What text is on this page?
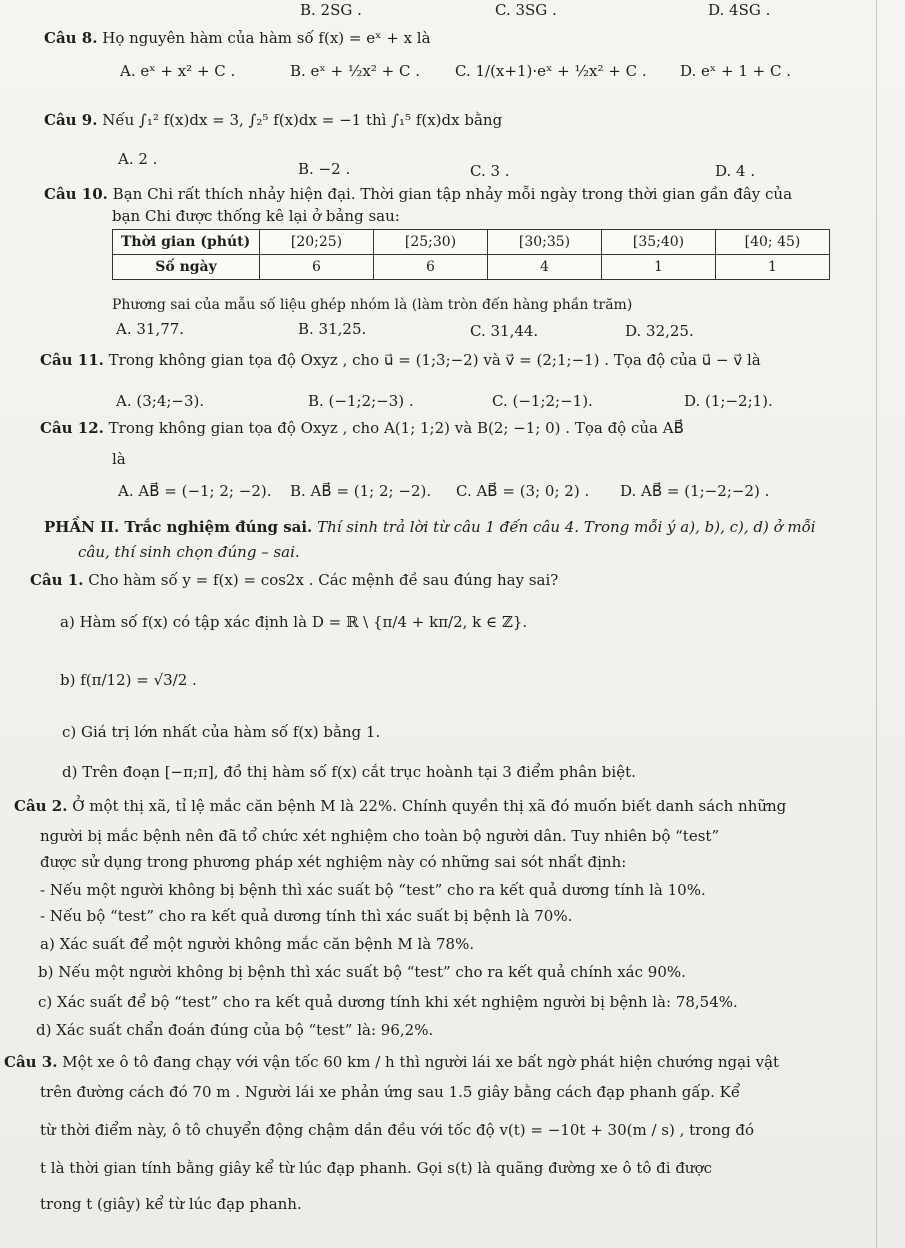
B. 2SG .	C. 3SG .	D. 4SG .
Câu 8. Họ nguyên hàm của hàm số f(x) = eˣ + x là
A. eˣ + x² + C .	B. eˣ + ½x² + C . C. 1/(x+1)·eˣ + ½x² + C . D. eˣ + 1 + C .
Câu 9. Nếu ∫₁² f(x)dx = 3, ∫₂⁵ f(x)dx = −1 thì ∫₁⁵ f(x)dx bằng
A. 2 .
B. −2 .	C. 3 .	D. 4 .
Câu 10. Bạn Chi rất thích nhảy hiện đại. Thời gian tập nhảy mỗi ngày trong thời gian gần đây của
bạn Chi được thống kê lại ở bảng sau:
Thời gian (phút)	[20;25)	[25;30)	[30;35)	[35;40)	[40; 45)
Số ngày	6	6	4	1	1
Phương sai của mẫu số liệu ghép nhóm là (làm tròn đến hàng phần trăm)
A. 31,77.	B. 31,25.	C. 31,44.	D. 32,25.
Câu 11. Trong không gian tọa độ Oxyz , cho u⃗ = (1;3;−2) và v⃗ = (2;1;−1) . Tọa độ của u⃗ − v⃗ là
A. (3;4;−3).	B. (−1;2;−3) .	C. (−1;2;−1).	D. (1;−2;1).
Câu 12. Trong không gian tọa độ Oxyz , cho A(1; 1;2) và B(2; −1; 0) . Tọa độ của AB⃗
là
A. AB⃗ = (−1; 2; −2). B. AB⃗ = (1; 2; −2). C. AB⃗ = (3; 0; 2) . D. AB⃗ = (1;−2;−2) .
PHẦN II. Trắc nghiệm đúng sai. Thí sinh trả lời từ câu 1 đến câu 4. Trong mỗi ý a), b), c), d) ở mỗi
câu, thí sinh chọn đúng – sai.
Câu 1. Cho hàm số y = f(x) = cos2x . Các mệnh đề sau đúng hay sai?
a) Hàm số f(x) có tập xác định là D = ℝ \ {π/4 + kπ/2, k ∈ ℤ}.
b) f(π/12) = √3/2 .
c) Giá trị lớn nhất của hàm số f(x) bằng 1.
d) Trên đoạn [−π;π], đồ thị hàm số f(x) cắt trục hoành tại 3 điểm phân biệt.
Câu 2. Ở một thị xã, tỉ lệ mắc căn bệnh M là 22%. Chính quyền thị xã đó muốn biết danh sách những
người bị mắc bệnh nên đã tổ chức xét nghiệm cho toàn bộ người dân. Tuy nhiên bộ “test”
được sử dụng trong phương pháp xét nghiệm này có những sai sót nhất định:
- Nếu một người không bị bệnh thì xác suất bộ “test” cho ra kết quả dương tính là 10%.
- Nếu bộ “test” cho ra kết quả dương tính thì xác suất bị bệnh là 70%.
a) Xác suất để một người không mắc căn bệnh M là 78%.
b) Nếu một người không bị bệnh thì xác suất bộ “test” cho ra kết quả chính xác 90%.
c) Xác suất để bộ “test” cho ra kết quả dương tính khi xét nghiệm người bị bệnh là: 78,54%.
d) Xác suất chẩn đoán đúng của bộ “test” là: 96,2%.
Câu 3. Một xe ô tô đang chạy với vận tốc 60 km / h thì người lái xe bất ngờ phát hiện chướng ngại vật
trên đường cách đó 70 m . Người lái xe phản ứng sau 1.5 giây bằng cách đạp phanh gấp. Kể
từ thời điểm này, ô tô chuyển động chậm dần đều với tốc độ v(t) = −10t + 30(m / s) , trong đó
t là thời gian tính bằng giây kể từ lúc đạp phanh. Gọi s(t) là quãng đường xe ô tô đi được
trong t (giây) kể từ lúc đạp phanh.
